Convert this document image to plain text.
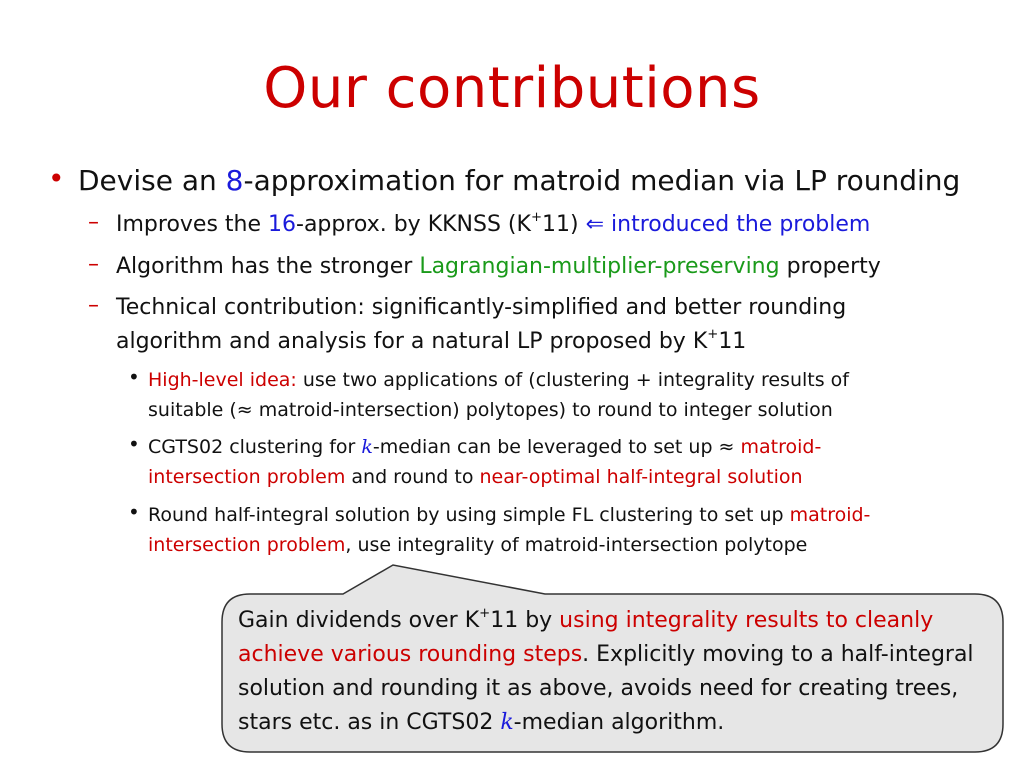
Our contributions
• Devise an 8-approximation for matroid median via LP rounding
– Improves the 16-approx. by KKNSS (K+11) ⇐ introduced the problem
– Algorithm has the stronger Lagrangian-multiplier-preserving property
– Technical contribution: significantly-simplified and better rounding
algorithm and analysis for a natural LP proposed by K+11
• High-level idea: use two applications of (clustering + integrality results of
suitable (≈ matroid-intersection) polytopes) to round to integer solution
• CGTS02 clustering for k-median can be leveraged to set up ≈ matroid-
intersection problem and round to near-optimal half-integral solution
• Round half-integral solution by using simple FL clustering to set up matroid-
intersection problem, use integrality of matroid-intersection polytope
Gain dividends over K+11 by using integrality results to cleanly
achieve various rounding steps. Explicitly moving to a half-integral
solution and rounding it as above, avoids need for creating trees,
stars etc. as in CGTS02 k-median algorithm.
